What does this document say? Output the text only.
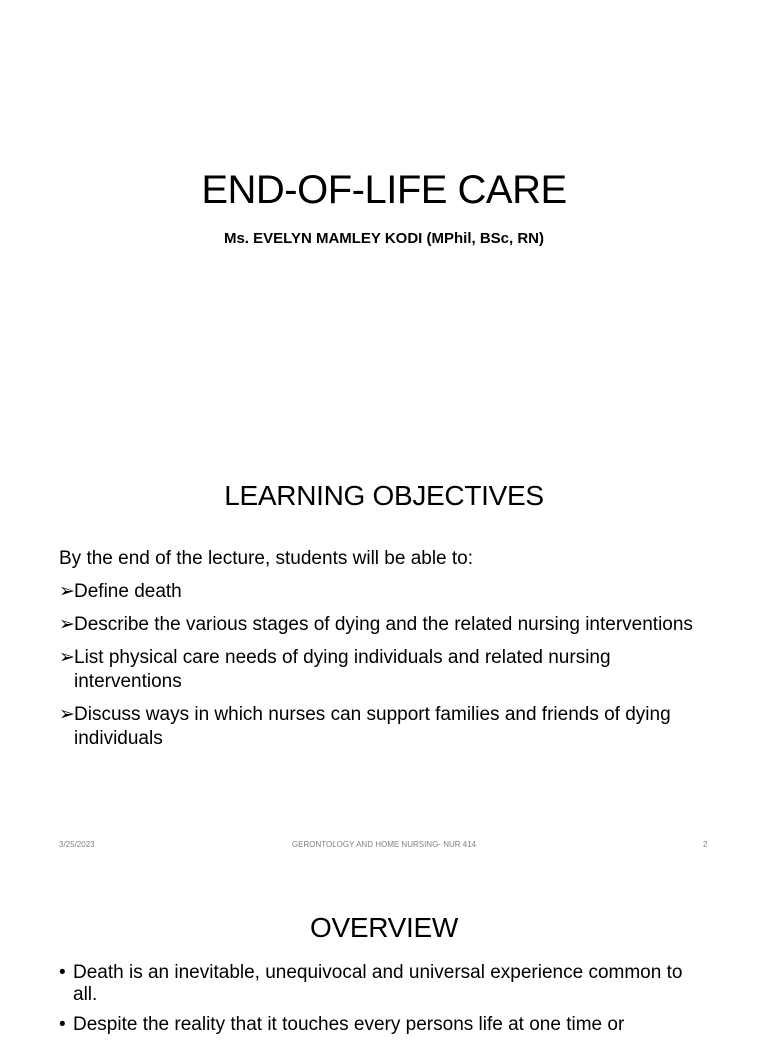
END-OF-LIFE CARE
Ms. EVELYN MAMLEY KODI (MPhil, BSc, RN)
LEARNING OBJECTIVES
By the end of the lecture, students will be able to:
➢ Define death
➢ Describe the various stages of dying and the related nursing interventions
➢ List physical care needs of dying individuals and related nursing interventions
➢ Discuss ways in which nurses can support families and friends of dying individuals
3/25/2023	GERONTOLOGY AND HOME NURSING- NUR 414	2
OVERVIEW
• Death is an inevitable, unequivocal and universal experience common to all.
• Despite the reality that it touches every persons life at one time or
